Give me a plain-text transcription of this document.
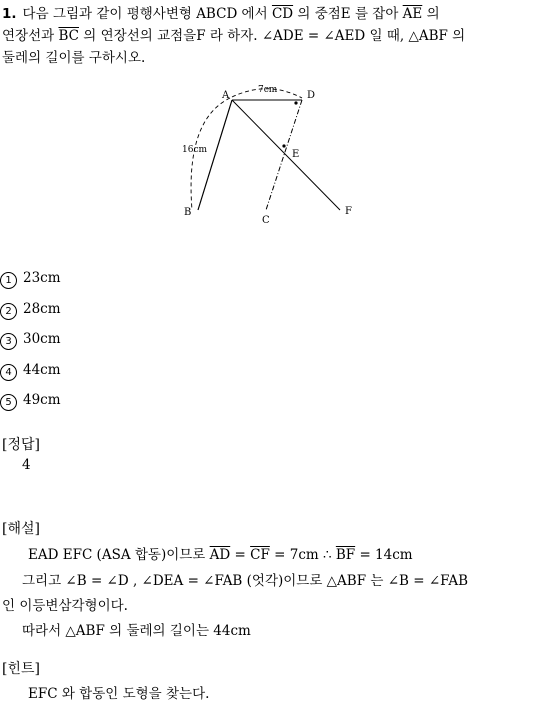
1. 다음 그림과 같이 평행사변형 ABCD 에서 $\overline{CD}$ 의 중점E 를 잡아 $\overline{AE}$ 의
연장선과 $\overline{BC}$ 의 연장선의 교점을F 라 하자. ∠ADE = ∠AED 일 때, △ABF 의
둘레의 길이를 구하시오.
A	D
7cm
16cm	E
B
C
F
1 23cm
2 28cm
3 30cm
4 44cm
5 49cm
[정답]
4
[해설]
EAD EFC (ASA 합동)이므로 $\overline{AD} = \overline{CF} = 7cm$ ∴ $\overline{BF} = 14cm$
그리고 ∠B = ∠D , ∠DEA = ∠FAB (엇각)이므로 △ABF 는 ∠B = ∠FAB
인 이등변삼각형이다.
따라서 △ABF 의 둘레의 길이는 44cm
[힌트]
EFC 와 합동인 도형을 찾는다.
